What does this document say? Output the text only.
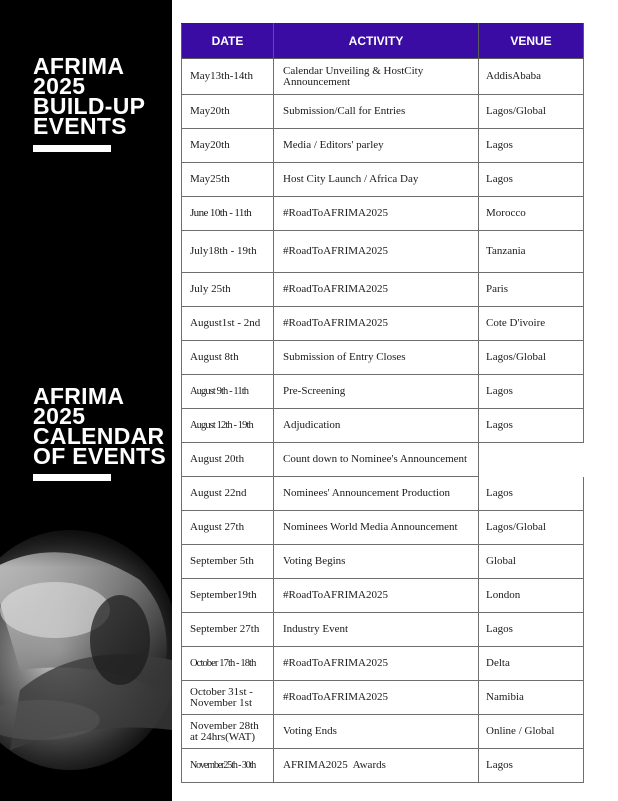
AFRIMA
2025
BUILD-UP
EVENTS
AFRIMA
2025
CALENDAR
OF EVENTS
DATE	ACTIVITY	VENUE
May13th-14th	Calendar Unveiling & HostCity Announcement	AddisAbaba
May20th	Submission/Call for Entries	Lagos/Global
May20th	Media / Editors' parley	Lagos
May25th	Host City Launch / Africa Day	Lagos
June 10th - 11th	#RoadToAFRIMA2025	Morocco
July18th - 19th	#RoadToAFRIMA2025	Tanzania
July 25th	#RoadToAFRIMA2025	Paris
August1st - 2nd	#RoadToAFRIMA2025	Cote D'ivoire
August 8th	Submission of Entry Closes	Lagos/Global
August 9th - 11th	Pre-Screening	Lagos
August 12th - 19th	Adjudication	Lagos
August 20th	Count down to Nominee's Announcement	
August 22nd	Nominees' Announcement Production	Lagos
August 27th	Nominees World Media Announcement	Lagos/Global
September 5th	Voting Begins	Global
September19th	#RoadToAFRIMA2025	London
September 27th	Industry Event	Lagos
October 17th - 18th	#RoadToAFRIMA2025	Delta
October 31st - November 1st	#RoadToAFRIMA2025	Namibia
November 28th at 24hrs(WAT)	Voting Ends	Online / Global
November25th - 30th	AFRIMA2025  Awards	Lagos
